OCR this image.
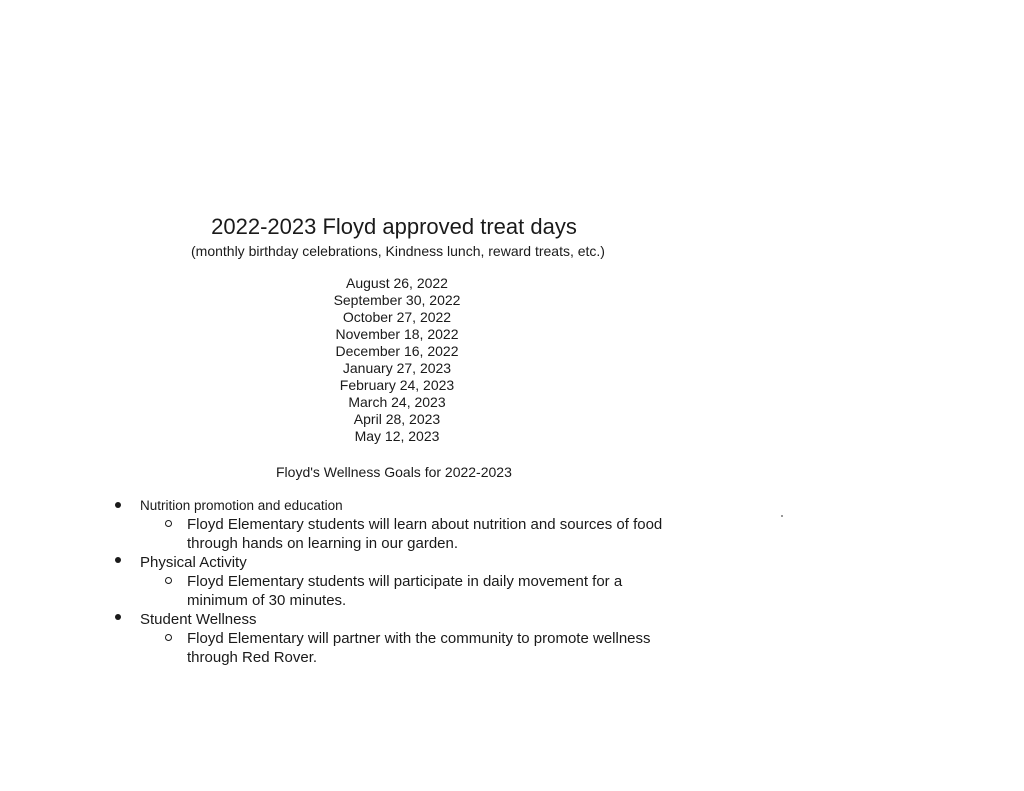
2022-2023 Floyd approved treat days
(monthly birthday celebrations, Kindness lunch, reward treats, etc.)
August 26, 2022
September 30, 2022
October 27, 2022
November 18, 2022
December 16, 2022
January 27, 2023
February 24, 2023
March 24, 2023
April 28, 2023
May 12, 2023
Floyd's Wellness Goals for 2022-2023
Nutrition promotion and education
Floyd Elementary students will learn about nutrition and sources of food through hands on learning in our garden.
Physical Activity
Floyd Elementary students will participate in daily movement for a minimum of 30 minutes.
Student Wellness
Floyd Elementary will partner with the community to promote wellness through Red Rover.
